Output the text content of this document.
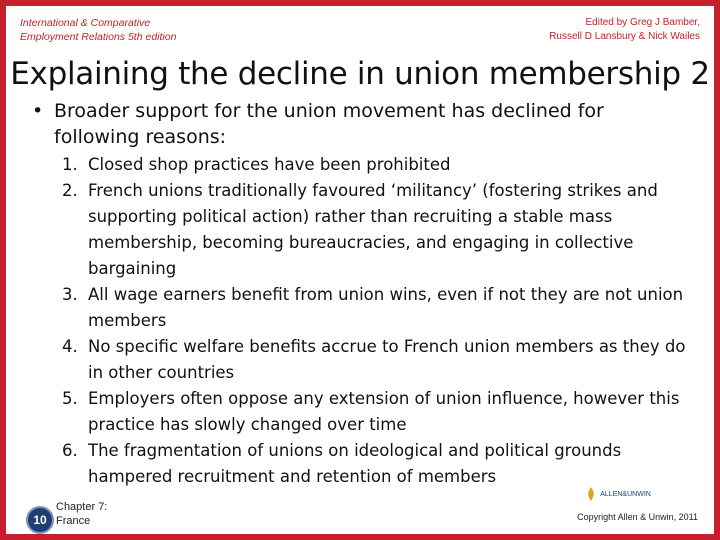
International & Comparative
Employment Relations 5th edition
Edited by Greg J Bamber,
Russell D Lansbury & Nick Wailes
Explaining the decline in union membership 2
• Broader support for the union movement has declined for following reasons:
1. Closed shop practices have been prohibited
2. French unions traditionally favoured ‘militancy’ (fostering strikes and supporting political action) rather than recruiting a stable mass membership, becoming bureaucracies, and engaging in collective bargaining
3. All wage earners benefit from union wins, even if not they are not union members
4. No specific welfare benefits accrue to French union members as they do in other countries
5. Employers often oppose any extension of union influence, however this practice has slowly changed over time
6. The fragmentation of unions on ideological and political grounds hampered recruitment and retention of members
10
Chapter 7:
France
ALLEN&UNWIN
Copyright Allen & Unwin, 2011
